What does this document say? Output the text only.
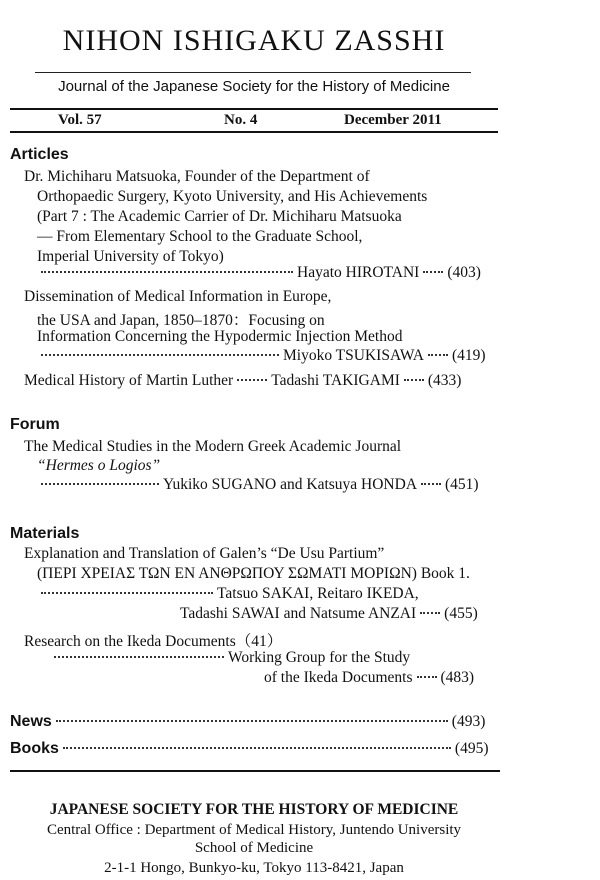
NIHON ISHIGAKU ZASSHI
Journal of the Japanese Society for the History of Medicine
Vol. 57	No. 4	December 2011
Articles
Dr. Michiharu Matsuoka, Founder of the Department of
Orthopaedic Surgery, Kyoto University, and His Achievements
(Part 7 : The Academic Carrier of Dr. Michiharu Matsuoka
— From Elementary School to the Graduate School,
Imperial University of Tokyo)
Hayato HIROTANI (403)
Dissemination of Medical Information in Europe,
the USA and Japan, 1850–1870：Focusing on
Information Concerning the Hypodermic Injection Method
Miyoko TSUKISAWA (419)
Medical History of Martin Luther Tadashi TAKIGAMI (433)
Forum
The Medical Studies in the Modern Greek Academic Journal
“Hermes o Logios”
Yukiko SUGANO and Katsuya HONDA (451)
Materials
Explanation and Translation of Galen’s “De Usu Partium”
(ΠΕΡΙ ΧΡΕΙΑΣ ΤΩΝ ΕΝ ΑΝΘΡΩΠΟΥ ΣΩΜΑΤΙ ΜΟΡΙΩΝ) Book 1.
Tatsuo SAKAI, Reitaro IKEDA,
Tadashi SAWAI and Natsume ANZAI (455)
Research on the Ikeda Documents（41）
Working Group for the Study
of the Ikeda Documents (483)
News	(493)
Books	(495)
JAPANESE SOCIETY FOR THE HISTORY OF MEDICINE
Central Office : Department of Medical History, Juntendo University
School of Medicine
2-1-1 Hongo, Bunkyo-ku, Tokyo 113-8421, Japan
